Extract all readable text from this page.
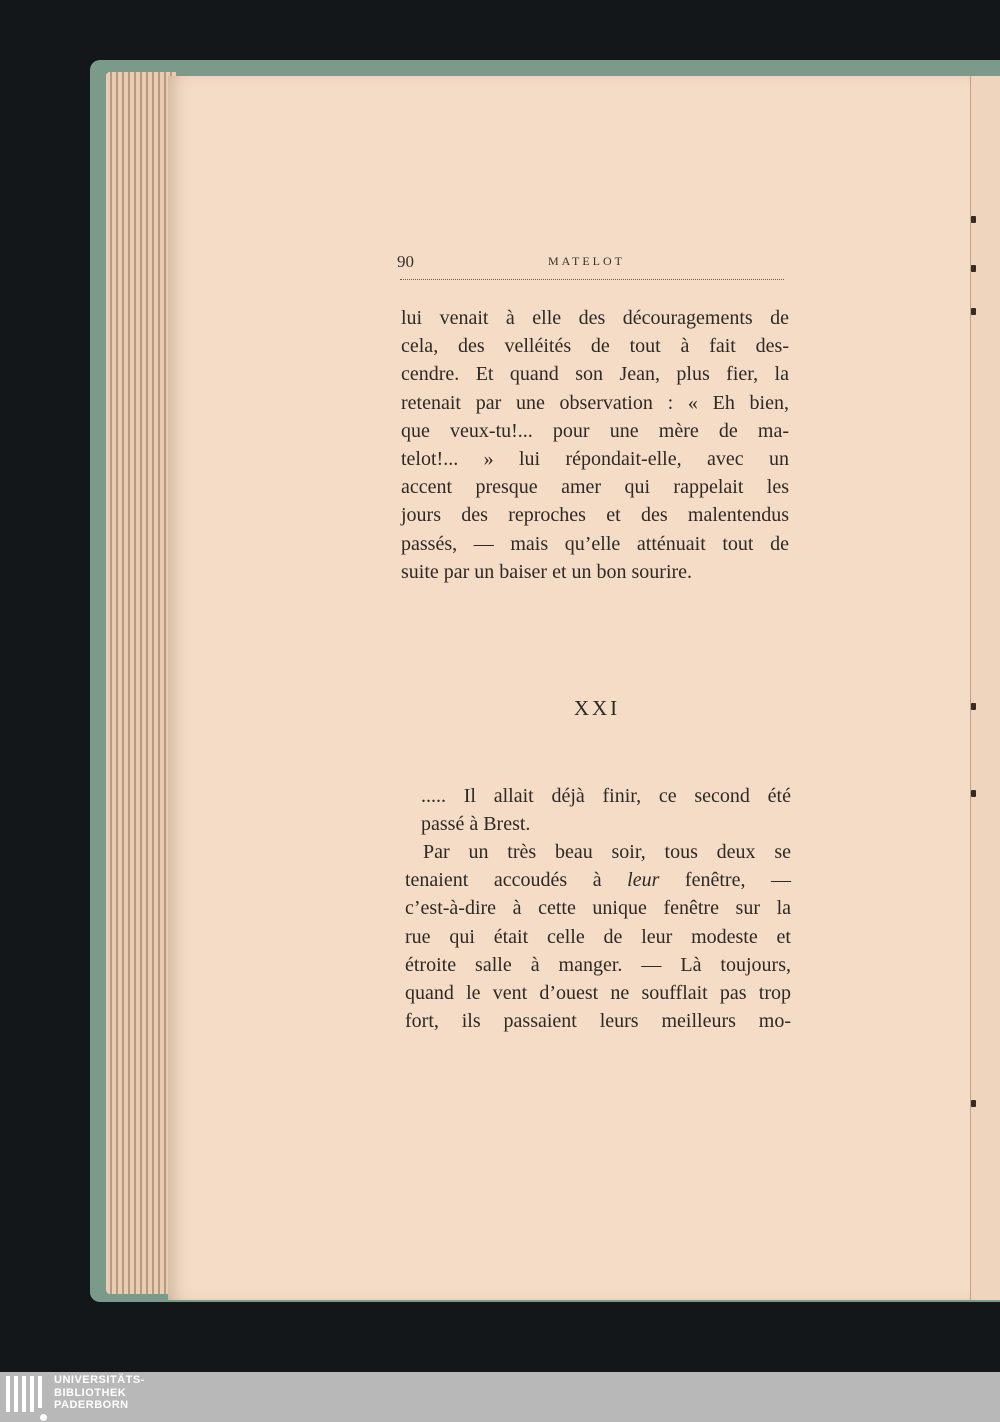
90	MATELOT
lui venait à elle des découragements de
cela, des velléités de tout à fait des-
cendre. Et quand son Jean, plus fier, la
retenait par une observation : « Eh bien,
que veux-tu!... pour une mère de ma-
telot!... » lui répondait-elle, avec un
accent presque amer qui rappelait les
jours des reproches et des malentendus
passés, — mais qu’elle atténuait tout de
suite par un baiser et un bon sourire.
XXI
..... Il allait déjà finir, ce second été
passé à Brest.
Par un très beau soir, tous deux se
tenaient accoudés à leur fenêtre, —
c’est-à-dire à cette unique fenêtre sur la
rue qui était celle de leur modeste et
étroite salle à manger. — Là toujours,
quand le vent d’ouest ne soufflait pas trop
fort, ils passaient leurs meilleurs mo-
UNIVERSITÄTS-
BIBLIOTHEK
PADERBORN
